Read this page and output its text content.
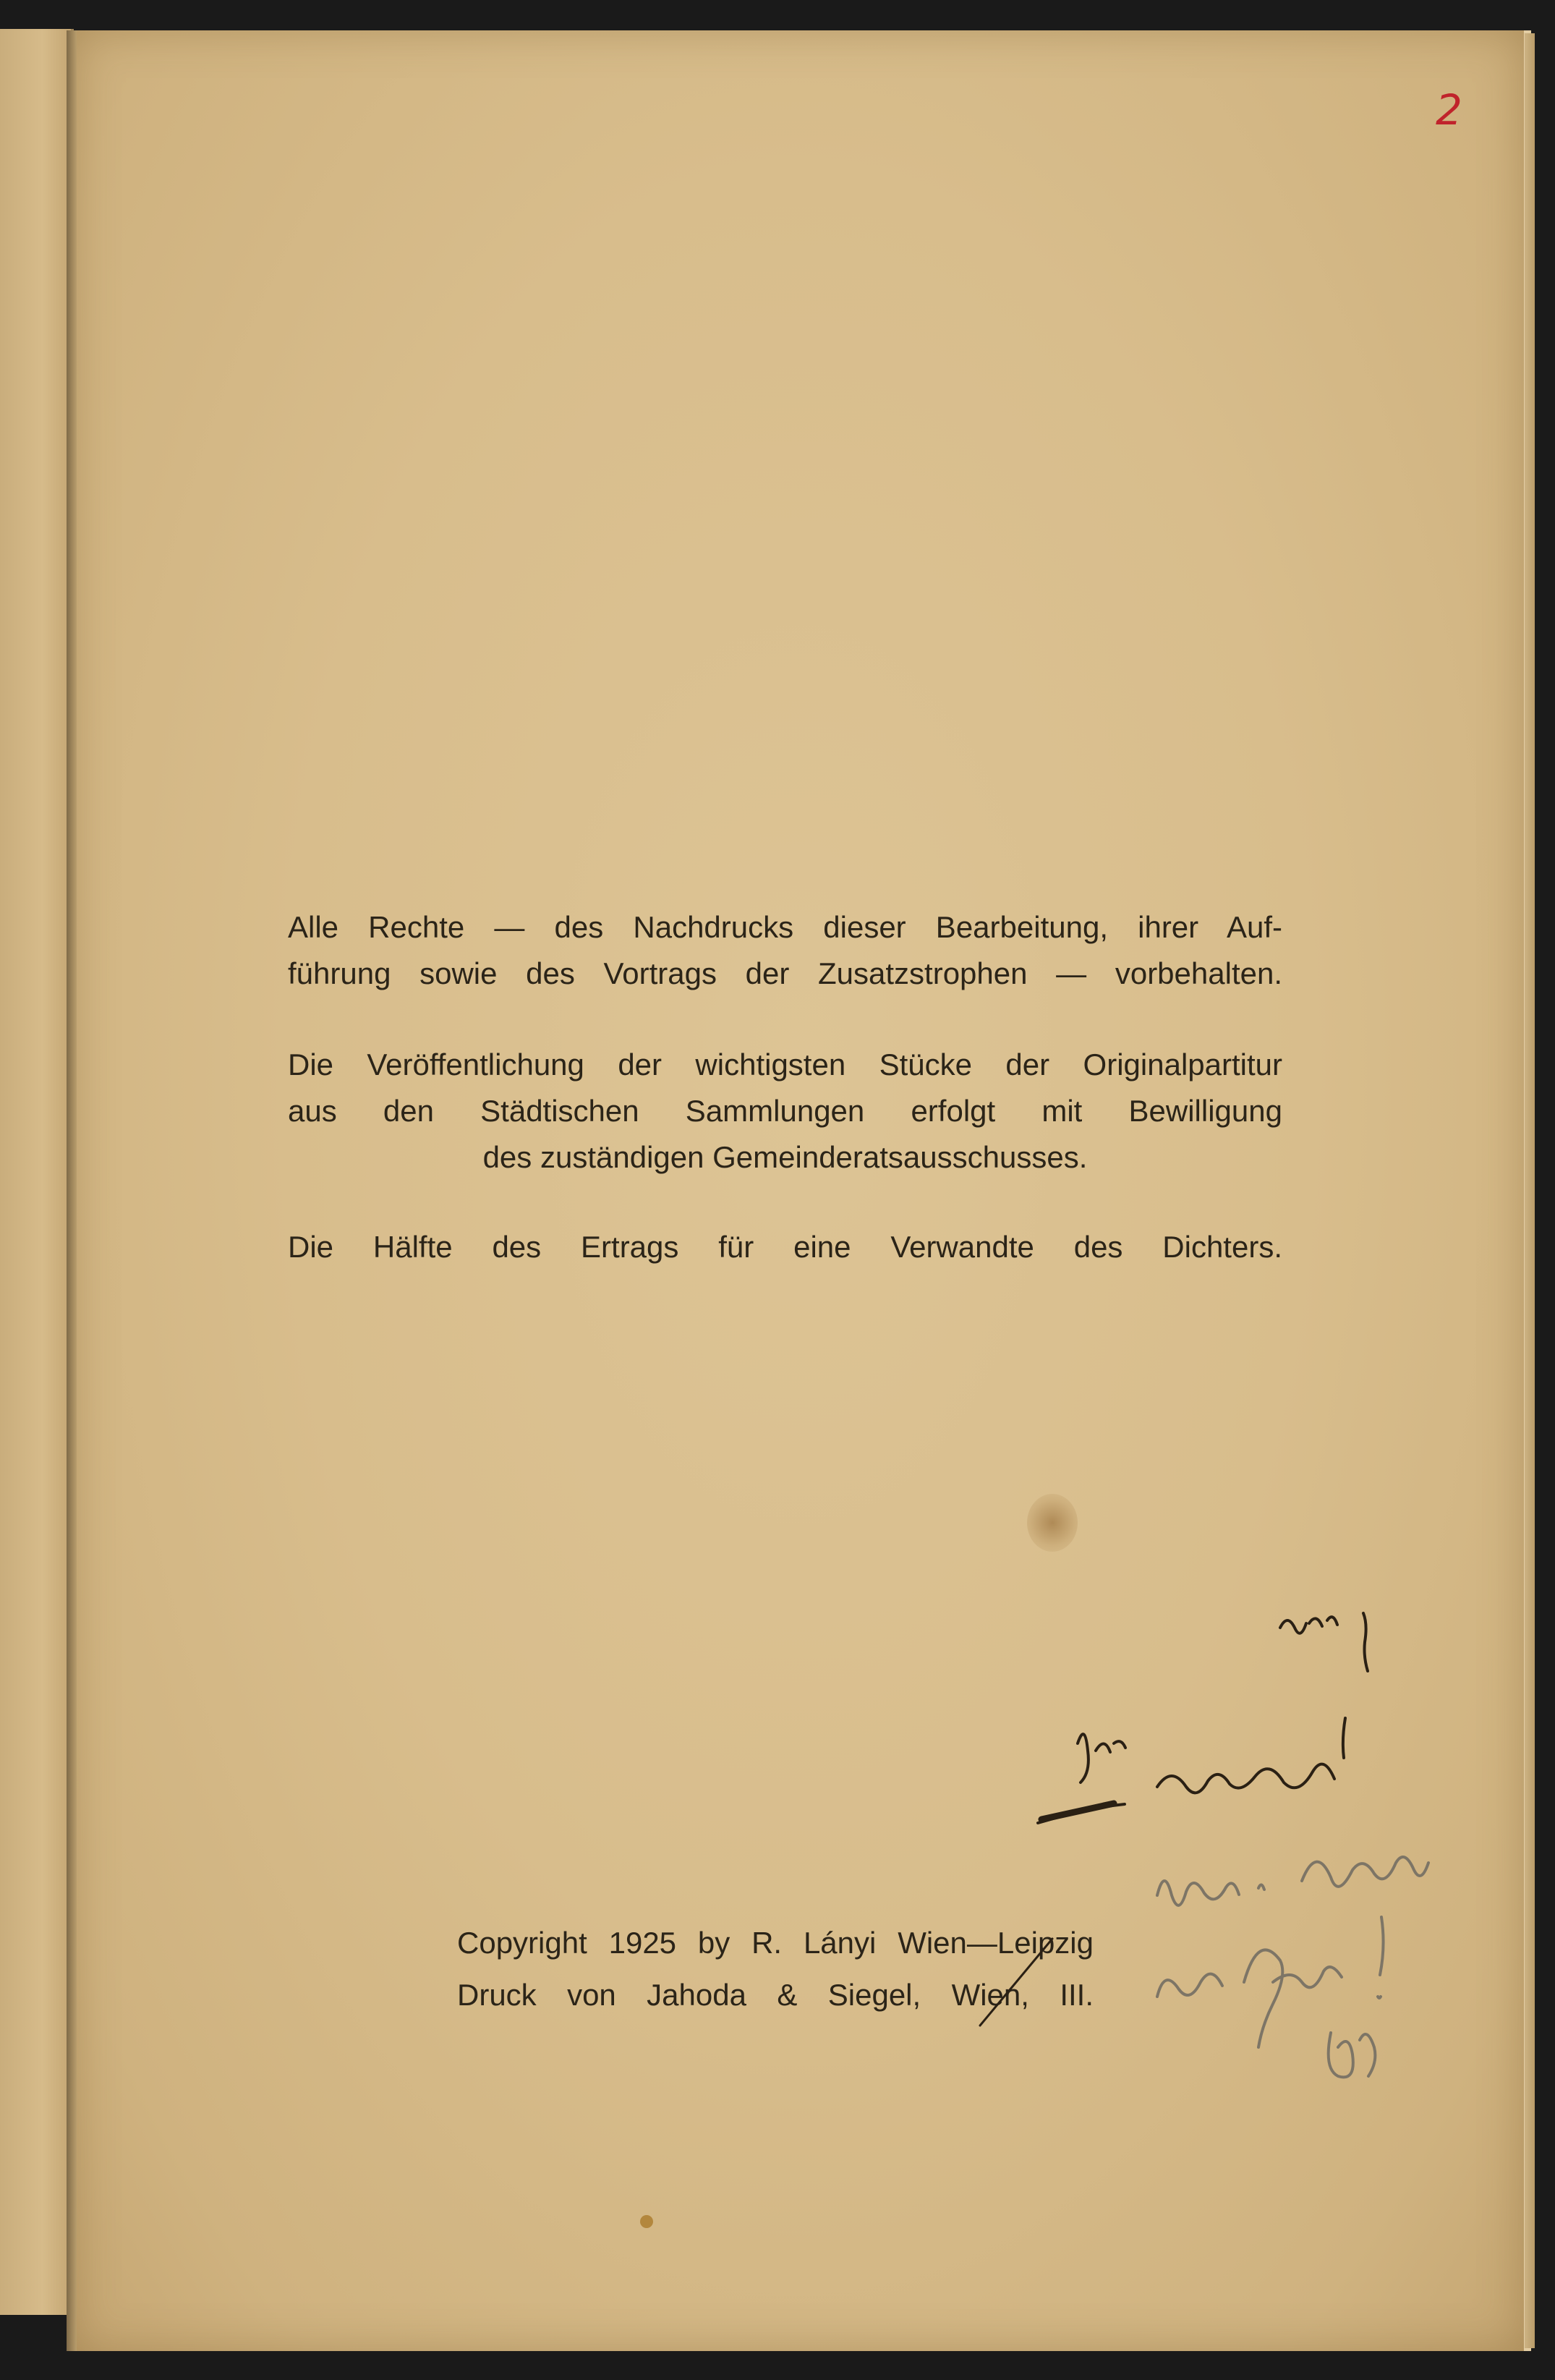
2
Alle Rechte — des Nachdrucks dieser Bearbeitung, ihrer Auf-
führung sowie des Vortrags der Zusatzstrophen — vorbehalten.
Die Veröffentlichung der wichtigsten Stücke der Originalpartitur
aus den Städtischen Sammlungen erfolgt mit Bewilligung
des zuständigen Gemeinderatsausschusses.
Die Hälfte des Ertrags für eine Verwandte des Dichters.
Copyright 1925 by R. Lányi Wien—Leipzig
Druck von Jahoda & Siegel, Wien, III.
